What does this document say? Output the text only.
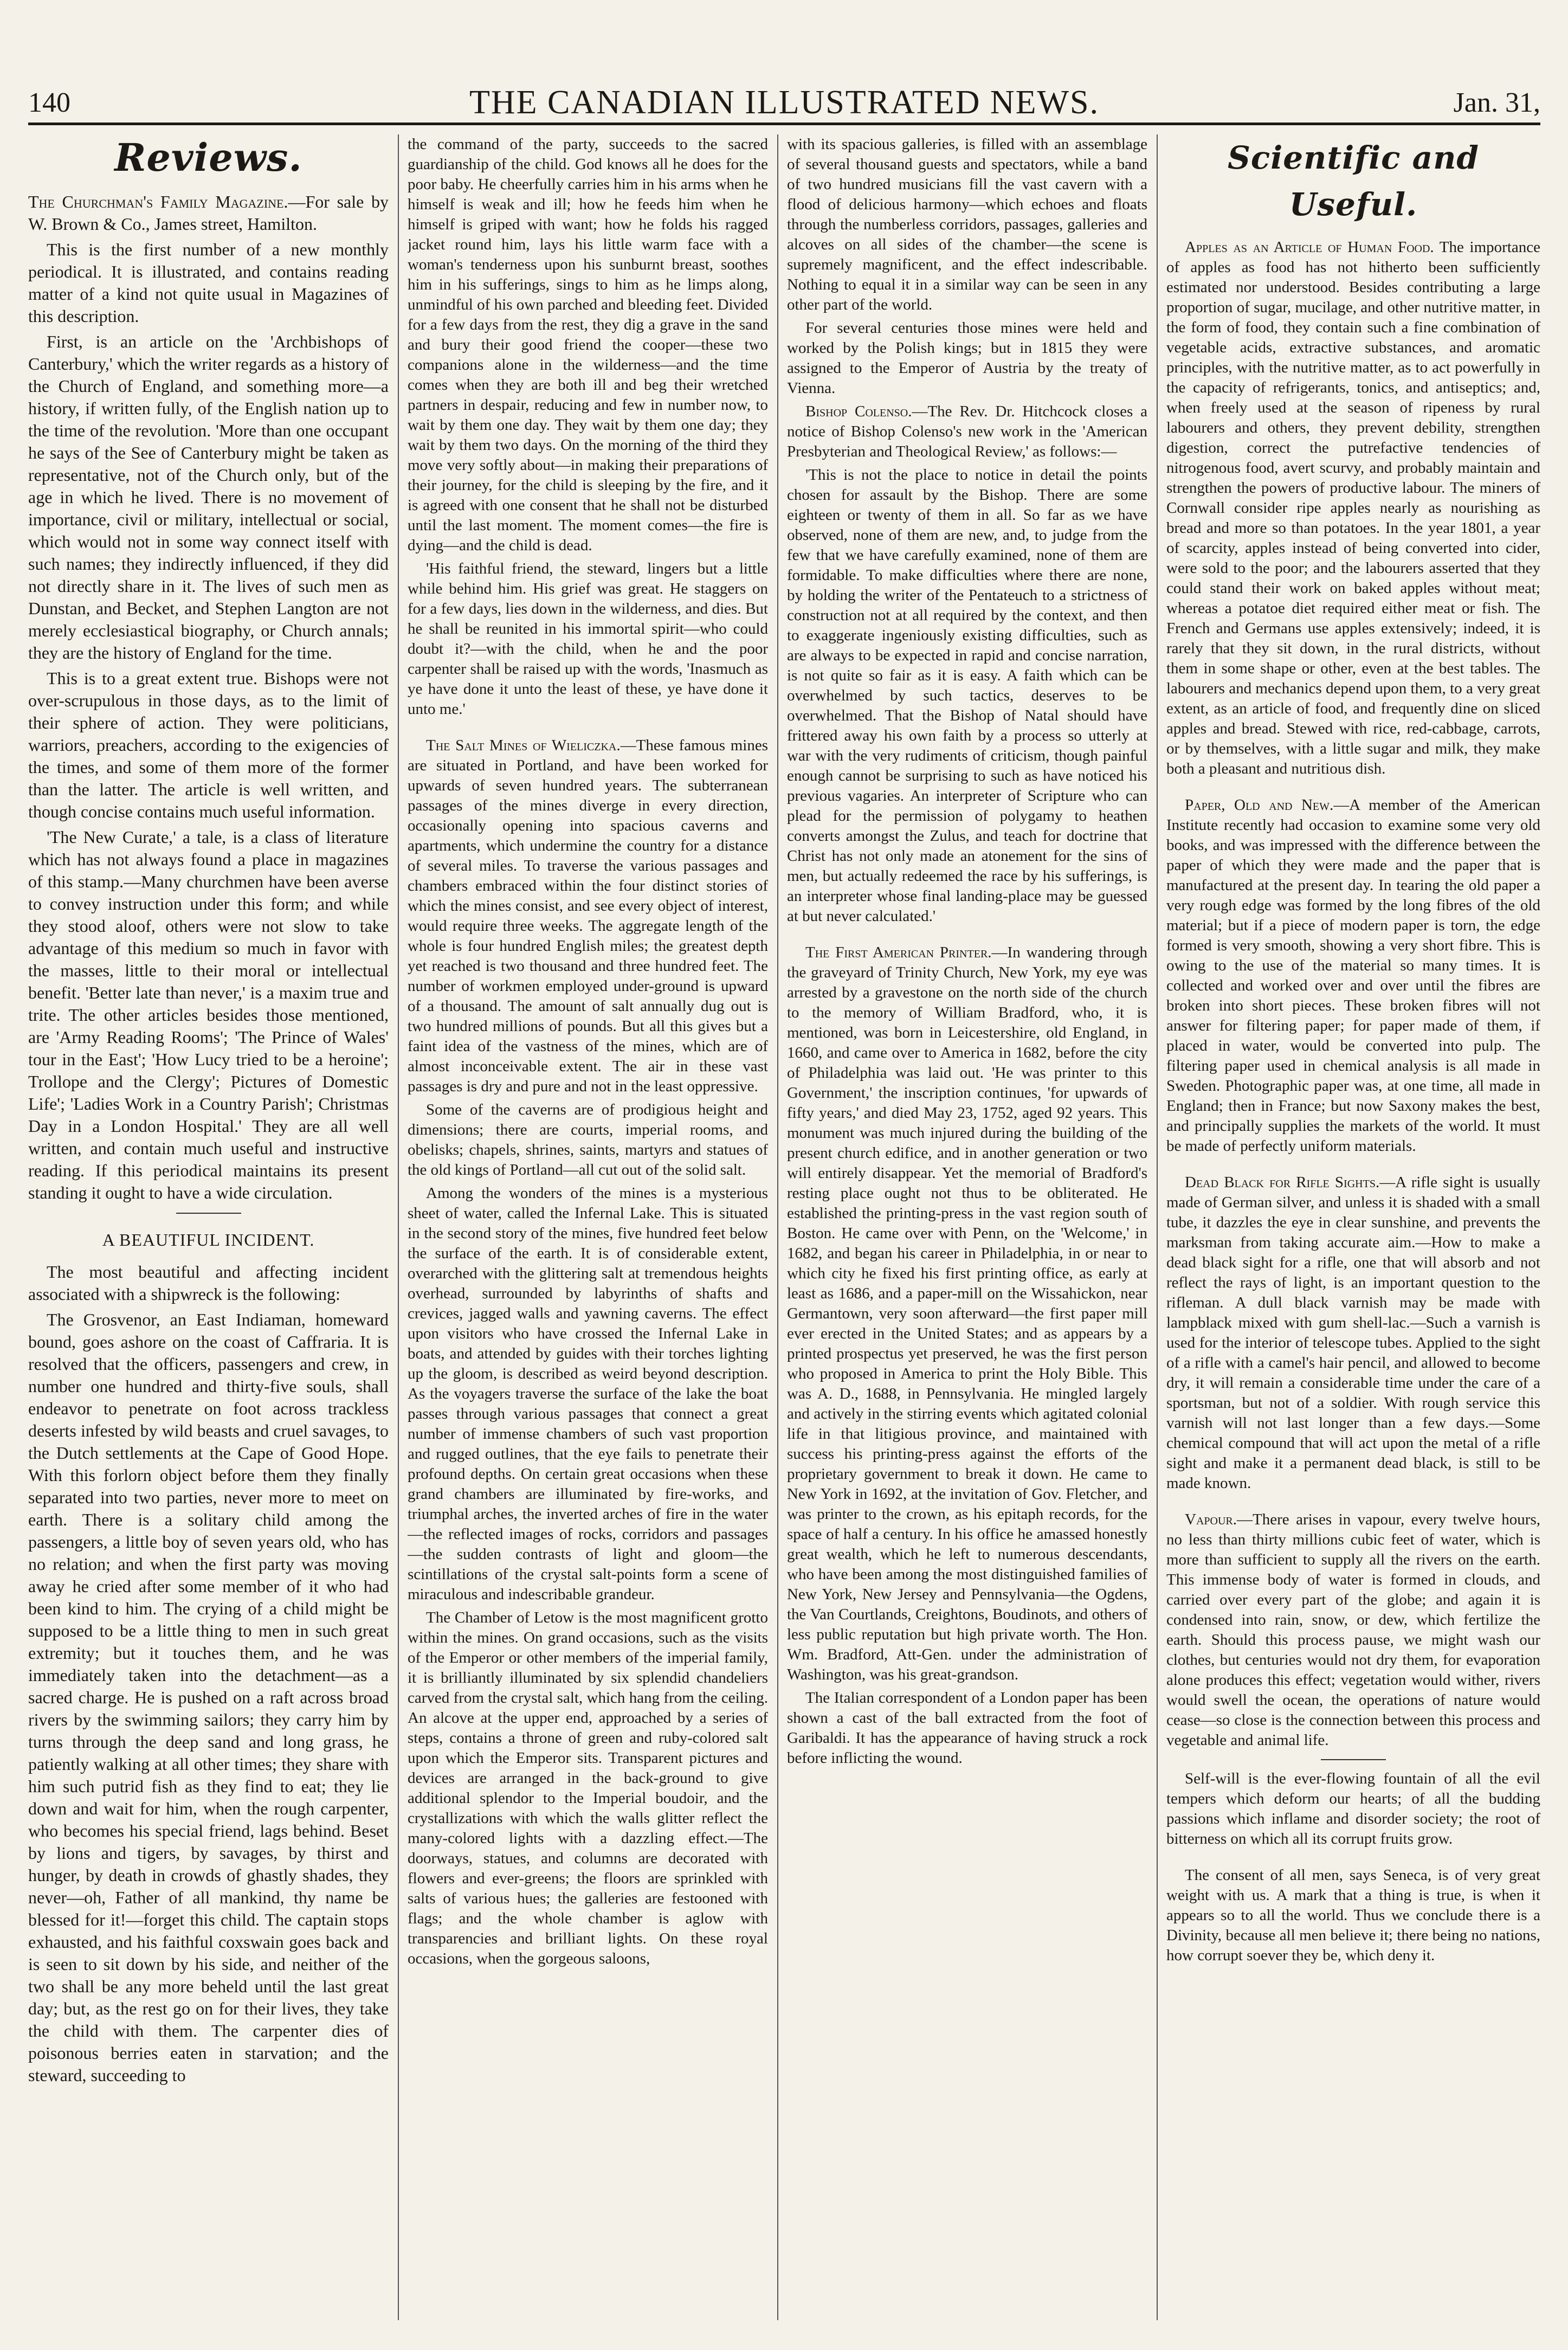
140	THE CANADIAN ILLUSTRATED NEWS.	Jan. 31,
Reviews.

The Churchman's Family Magazine.—For sale by W. Brown & Co., James street, Hamilton.

This is the first number of a new monthly periodical. It is illustrated, and contains reading matter of a kind not quite usual in Magazines of this description.

First, is an article on the 'Archbishops of Canterbury,' which the writer regards as a history of the Church of England, and something more—a history, if written fully, of the English nation up to the time of the revolution. 'More than one occupant he says of the See of Canterbury might be taken as representative, not of the Church only, but of the age in which he lived. There is no movement of importance, civil or military, intellectual or social, which would not in some way connect itself with such names; they indirectly influenced, if they did not directly share in it. The lives of such men as Dunstan, and Becket, and Stephen Langton are not merely ecclesiastical biography, or Church annals; they are the history of England for the time.

This is to a great extent true. Bishops were not over-scrupulous in those days, as to the limit of their sphere of action. They were politicians, warriors, preachers, according to the exigencies of the times, and some of them more of the former than the latter. The article is well written, and though concise contains much useful information.

'The New Curate,' a tale, is a class of literature which has not always found a place in magazines of this stamp.—Many churchmen have been averse to convey instruction under this form; and while they stood aloof, others were not slow to take advantage of this medium so much in favor with the masses, little to their moral or intellectual benefit. 'Better late than never,' is a maxim true and trite. The other articles besides those mentioned, are 'Army Reading Rooms'; 'The Prince of Wales' tour in the East'; 'How Lucy tried to be a heroine'; Trollope and the Clergy'; Pictures of Domestic Life'; 'Ladies Work in a Country Parish'; Christmas Day in a London Hospital.' They are all well written, and contain much useful and instructive reading. If this periodical maintains its present standing it ought to have a wide circulation.

A BEAUTIFUL INCIDENT.

The most beautiful and affecting incident associated with a shipwreck is the following:

The Grosvenor, an East Indiaman, homeward bound, goes ashore on the coast of Caffraria. It is resolved that the officers, passengers and crew, in number one hundred and thirty-five souls, shall endeavor to penetrate on foot across trackless deserts infested by wild beasts and cruel savages, to the Dutch settlements at the Cape of Good Hope. With this forlorn object before them they finally separated into two parties, never more to meet on earth. There is a solitary child among the passengers, a little boy of seven years old, who has no relation; and when the first party was moving away he cried after some member of it who had been kind to him. The crying of a child might be supposed to be a little thing to men in such great extremity; but it touches them, and he was immediately taken into the detachment—as a sacred charge. He is pushed on a raft across broad rivers by the swimming sailors; they carry him by turns through the deep sand and long grass, he patiently walking at all other times; they share with him such putrid fish as they find to eat; they lie down and wait for him, when the rough carpenter, who becomes his special friend, lags behind. Beset by lions and tigers, by savages, by thirst and hunger, by death in crowds of ghastly shades, they never—oh, Father of all mankind, thy name be blessed for it!—forget this child. The captain stops exhausted, and his faithful coxswain goes back and is seen to sit down by his side, and neither of the two shall be any more beheld until the last great day; but, as the rest go on for their lives, they take the child with them. The carpenter dies of poisonous berries eaten in starvation; and the steward, succeeding to

the command of the party, succeeds to the sacred guardianship of the child. God knows all he does for the poor baby. He cheerfully carries him in his arms when he himself is weak and ill; how he feeds him when he himself is griped with want; how he folds his ragged jacket round him, lays his little warm face with a woman's tenderness upon his sunburnt breast, soothes him in his sufferings, sings to him as he limps along, unmindful of his own parched and bleeding feet. Divided for a few days from the rest, they dig a grave in the sand and bury their good friend the cooper—these two companions alone in the wilderness—and the time comes when they are both ill and beg their wretched partners in despair, reducing and few in number now, to wait by them one day. They wait by them one day; they wait by them two days. On the morning of the third they move very softly about—in making their preparations of their journey, for the child is sleeping by the fire, and it is agreed with one consent that he shall not be disturbed until the last moment. The moment comes—the fire is dying—and the child is dead.

'His faithful friend, the steward, lingers but a little while behind him. His grief was great. He staggers on for a few days, lies down in the wilderness, and dies. But he shall be reunited in his immortal spirit—who could doubt it?—with the child, when he and the poor carpenter shall be raised up with the words, 'Inasmuch as ye have done it unto the least of these, ye have done it unto me.'

The Salt Mines of Wieliczka.—These famous mines are situated in Portland, and have been worked for upwards of seven hundred years. The subterranean passages of the mines diverge in every direction, occasionally opening into spacious caverns and apartments, which undermine the country for a distance of several miles. To traverse the various passages and chambers embraced within the four distinct stories of which the mines consist, and see every object of interest, would require three weeks. The aggregate length of the whole is four hundred English miles; the greatest depth yet reached is two thousand and three hundred feet. The number of workmen employed under-ground is upward of a thousand. The amount of salt annually dug out is two hundred millions of pounds. But all this gives but a faint idea of the vastness of the mines, which are of almost inconceivable extent. The air in these vast passages is dry and pure and not in the least oppressive.

Some of the caverns are of prodigious height and dimensions; there are courts, imperial rooms, and obelisks; chapels, shrines, saints, martyrs and statues of the old kings of Portland—all cut out of the solid salt.

Among the wonders of the mines is a mysterious sheet of water, called the Infernal Lake. This is situated in the second story of the mines, five hundred feet below the surface of the earth. It is of considerable extent, overarched with the glittering salt at tremendous heights overhead, surrounded by labyrinths of shafts and crevices, jagged walls and yawning caverns. The effect upon visitors who have crossed the Infernal Lake in boats, and attended by guides with their torches lighting up the gloom, is described as weird beyond description. As the voyagers traverse the surface of the lake the boat passes through various passages that connect a great number of immense chambers of such vast proportion and rugged outlines, that the eye fails to penetrate their profound depths. On certain great occasions when these grand chambers are illuminated by fire-works, and triumphal arches, the inverted arches of fire in the water—the reflected images of rocks, corridors and passages—the sudden contrasts of light and gloom—the scintillations of the crystal salt-points form a scene of miraculous and indescribable grandeur.

The Chamber of Letow is the most magnificent grotto within the mines. On grand occasions, such as the visits of the Emperor or other members of the imperial family, it is brilliantly illuminated by six splendid chandeliers carved from the crystal salt, which hang from the ceiling. An alcove at the upper end, approached by a series of steps, contains a throne of green and ruby-colored salt upon which the Emperor sits. Transparent pictures and devices are arranged in the back-ground to give additional splendor to the Imperial boudoir, and the crystallizations with which the walls glitter reflect the many-colored lights with a dazzling effect.—The doorways, statues, and columns are decorated with flowers and ever-greens; the floors are sprinkled with salts of various hues; the galleries are festooned with flags; and the whole chamber is aglow with transparencies and brilliant lights. On these royal occasions, when the gorgeous saloons,

with its spacious galleries, is filled with an assemblage of several thousand guests and spectators, while a band of two hundred musicians fill the vast cavern with a flood of delicious harmony—which echoes and floats through the numberless corridors, passages, galleries and alcoves on all sides of the chamber—the scene is supremely magnificent, and the effect indescribable. Nothing to equal it in a similar way can be seen in any other part of the world.

For several centuries those mines were held and worked by the Polish kings; but in 1815 they were assigned to the Emperor of Austria by the treaty of Vienna.

Bishop Colenso.—The Rev. Dr. Hitchcock closes a notice of Bishop Colenso's new work in the 'American Presbyterian and Theological Review,' as follows:—

'This is not the place to notice in detail the points chosen for assault by the Bishop. There are some eighteen or twenty of them in all. So far as we have observed, none of them are new, and, to judge from the few that we have carefully examined, none of them are formidable. To make difficulties where there are none, by holding the writer of the Pentateuch to a strictness of construction not at all required by the context, and then to exaggerate ingeniously existing difficulties, such as are always to be expected in rapid and concise narration, is not quite so fair as it is easy. A faith which can be overwhelmed by such tactics, deserves to be overwhelmed. That the Bishop of Natal should have frittered away his own faith by a process so utterly at war with the very rudiments of criticism, though painful enough cannot be surprising to such as have noticed his previous vagaries. An interpreter of Scripture who can plead for the permission of polygamy to heathen converts amongst the Zulus, and teach for doctrine that Christ has not only made an atonement for the sins of men, but actually redeemed the race by his sufferings, is an interpreter whose final landing-place may be guessed at but never calculated.'

The First American Printer.—In wandering through the graveyard of Trinity Church, New York, my eye was arrested by a gravestone on the north side of the church to the memory of William Bradford, who, it is mentioned, was born in Leicestershire, old England, in 1660, and came over to America in 1682, before the city of Philadelphia was laid out. 'He was printer to this Government,' the inscription continues, 'for upwards of fifty years,' and died May 23, 1752, aged 92 years. This monument was much injured during the building of the present church edifice, and in another generation or two will entirely disappear. Yet the memorial of Bradford's resting place ought not thus to be obliterated. He established the printing-press in the vast region south of Boston. He came over with Penn, on the 'Welcome,' in 1682, and began his career in Philadelphia, in or near to which city he fixed his first printing office, as early at least as 1686, and a paper-mill on the Wissahickon, near Germantown, very soon afterward—the first paper mill ever erected in the United States; and as appears by a printed prospectus yet preserved, he was the first person who proposed in America to print the Holy Bible. This was A. D., 1688, in Pennsylvania. He mingled largely and actively in the stirring events which agitated colonial life in that litigious province, and maintained with success his printing-press against the efforts of the proprietary government to break it down. He came to New York in 1692, at the invitation of Gov. Fletcher, and was printer to the crown, as his epitaph records, for the space of half a century. In his office he amassed honestly great wealth, which he left to numerous descendants, who have been among the most distinguished families of New York, New Jersey and Pennsylvania—the Ogdens, the Van Courtlands, Creightons, Boudinots, and others of less public reputation but high private worth. The Hon. Wm. Bradford, Att-Gen. under the administration of Washington, was his great-grandson.

The Italian correspondent of a London paper has been shown a cast of the ball extracted from the foot of Garibaldi. It has the appearance of having struck a rock before inflicting the wound.

Scientific and Useful.

Apples as an Article of Human Food. The importance of apples as food has not hitherto been sufficiently estimated nor understood. Besides contributing a large proportion of sugar, mucilage, and other nutritive matter, in the form of food, they contain such a fine combination of vegetable acids, extractive substances, and aromatic principles, with the nutritive matter, as to act powerfully in the capacity of refrigerants, tonics, and antiseptics; and, when freely used at the season of ripeness by rural labourers and others, they prevent debility, strengthen digestion, correct the putrefactive tendencies of nitrogenous food, avert scurvy, and probably maintain and strengthen the powers of productive labour. The miners of Cornwall consider ripe apples nearly as nourishing as bread and more so than potatoes. In the year 1801, a year of scarcity, apples instead of being converted into cider, were sold to the poor; and the labourers asserted that they could stand their work on baked apples without meat; whereas a potatoe diet required either meat or fish. The French and Germans use apples extensively; indeed, it is rarely that they sit down, in the rural districts, without them in some shape or other, even at the best tables. The labourers and mechanics depend upon them, to a very great extent, as an article of food, and frequently dine on sliced apples and bread. Stewed with rice, red-cabbage, carrots, or by themselves, with a little sugar and milk, they make both a pleasant and nutritious dish.

Paper, Old and New.—A member of the American Institute recently had occasion to examine some very old books, and was impressed with the difference between the paper of which they were made and the paper that is manufactured at the present day. In tearing the old paper a very rough edge was formed by the long fibres of the old material; but if a piece of modern paper is torn, the edge formed is very smooth, showing a very short fibre. This is owing to the use of the material so many times. It is collected and worked over and over until the fibres are broken into short pieces. These broken fibres will not answer for filtering paper; for paper made of them, if placed in water, would be converted into pulp. The filtering paper used in chemical analysis is all made in Sweden. Photographic paper was, at one time, all made in England; then in France; but now Saxony makes the best, and principally supplies the markets of the world. It must be made of perfectly uniform materials.

Dead Black for Rifle Sights.—A rifle sight is usually made of German silver, and unless it is shaded with a small tube, it dazzles the eye in clear sunshine, and prevents the marksman from taking accurate aim.—How to make a dead black sight for a rifle, one that will absorb and not reflect the rays of light, is an important question to the rifleman. A dull black varnish may be made with lampblack mixed with gum shell-lac.—Such a varnish is used for the interior of telescope tubes. Applied to the sight of a rifle with a camel's hair pencil, and allowed to become dry, it will remain a considerable time under the care of a sportsman, but not of a soldier. With rough service this varnish will not last longer than a few days.—Some chemical compound that will act upon the metal of a rifle sight and make it a permanent dead black, is still to be made known.

Vapour.—There arises in vapour, every twelve hours, no less than thirty millions cubic feet of water, which is more than sufficient to supply all the rivers on the earth. This immense body of water is formed in clouds, and carried over every part of the globe; and again it is condensed into rain, snow, or dew, which fertilize the earth. Should this process pause, we might wash our clothes, but centuries would not dry them, for evaporation alone produces this effect; vegetation would wither, rivers would swell the ocean, the operations of nature would cease—so close is the connection between this process and vegetable and animal life.

Self-will is the ever-flowing fountain of all the evil tempers which deform our hearts; of all the budding passions which inflame and disorder society; the root of bitterness on which all its corrupt fruits grow.

The consent of all men, says Seneca, is of very great weight with us. A mark that a thing is true, is when it appears so to all the world. Thus we conclude there is a Divinity, because all men believe it; there being no nations, how corrupt soever they be, which deny it.
